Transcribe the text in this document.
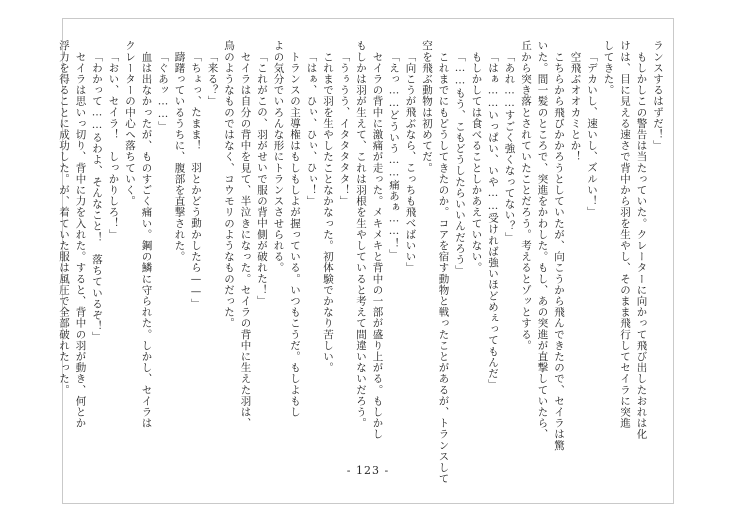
ランスするはずだ！」
　もしかしこの警告は当たっていた。クレーターに向かって飛び出したおれは化
けは、目に見える速さで背中から羽を生やし、そのまま飛行してセイラに突進
してきた。
「デカいし、速いし、ズルい！」
　空飛ぶオオカミとか！
　こちらから飛びかかろうとしていたが、向こうから飛んできたので、セイラは驚
いた。間一髪のところで、突進をかわした。もし、あの突進が直撃していたら、
丘から突き落とされていたことだろう。考えるとゾッとする。
「あれ……すごく強くなってない？」
「はぁ……いっぱい、いや……受ければ強いほどめぇってもんだ」
　もしかしては食べることしかあえていない。
「……もう、こもどうしたらいいんだろう」
　これまでにもどうしてきたのか。コアを宿す動物と戦ったことがあるが、トランスして
空を飛ぶ動物は初めてだ。
「向こうが飛ぶなら、こっちも飛べばいい」
「えっ……どういう……痛あぁ……！」
　セイラの背中に激痛が走った。メキメキと背中の一部が盛り上がる。もしかし
もしかは羽が生えて、これは羽根を生やしていると考えて間違いないだろう。
「うぅうう、イタタタタタ！」
　これまで羽を生やしたことなかなった。初体験でかなり苦しい。
「はぁ、ひぃ、ひぃ、ひぃ！」
　トランスの主導権はもしもしよが握っている。いつもこうだ。もしよもし
よの気分でいろんな形にトランスさせられる。
「これがこの、羽がせいで服の背中側が破れた！」
　セイラは自分の背中を見て、半泣きになった。セイラの背中に生えた羽は、
鳥のようなものではなく、コウモリのようなものだった。
「来る？」
「ちょっ、たまま！　羽とかどう動かしたら——」
　躊躇っているうちに、腹部を直撃された。
「ぐあッ……」
　血は出なかったが、ものすごく痛い。鋼の鱗に守られた。しかし、セイラは
クレーターの中心へ落ちていく。
「おい、セイラ！　しっかりしろ！」
「わかって……るわよ、そんなこと！　落ちているぞ！」
　セイラは思いっ切り、背中に力を入れた。すると、背中の羽が動き、何とか
浮力を得ることに成功した。が、着ていた服は風圧で全部破れたった。
- 123 -
